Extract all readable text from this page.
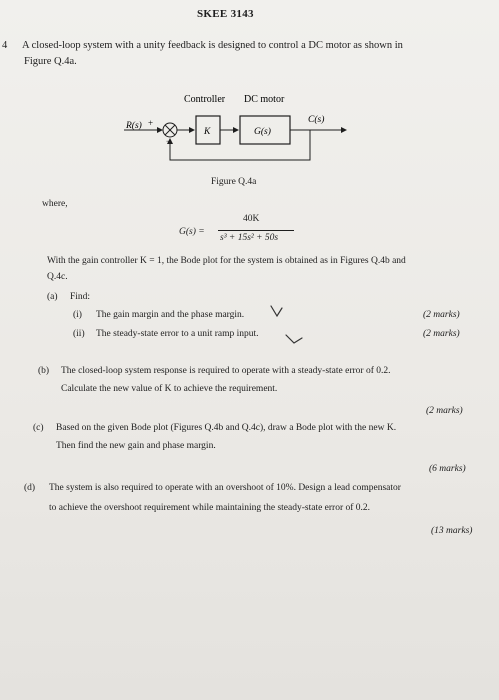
SKEE 3143
4 A closed-loop system with a unity feedback is designed to control a DC motor as shown in
Figure Q.4a.
Controller DC motor
R(s) +
−
K	G(s)
C(s)
Figure Q.4a
where,
G(s) =
40K
s³ + 15s² + 50s
With the gain controller K = 1, the Bode plot for the system is obtained as in Figures Q.4b and
Q.4c.
(a) Find:
(i) The gain margin and the phase margin.	(2 marks)
(ii) The steady-state error to a unit ramp input.	(2 marks)
(b) The closed-loop system response is required to operate with a steady-state error of 0.2.
Calculate the new value of K to achieve the requirement.
(2 marks)
(c) Based on the given Bode plot (Figures Q.4b and Q.4c), draw a Bode plot with the new K.
Then find the new gain and phase margin.
(6 marks)
(d) The system is also required to operate with an overshoot of 10%. Design a lead compensator
to achieve the overshoot requirement while maintaining the steady-state error of 0.2.
(13 marks)
